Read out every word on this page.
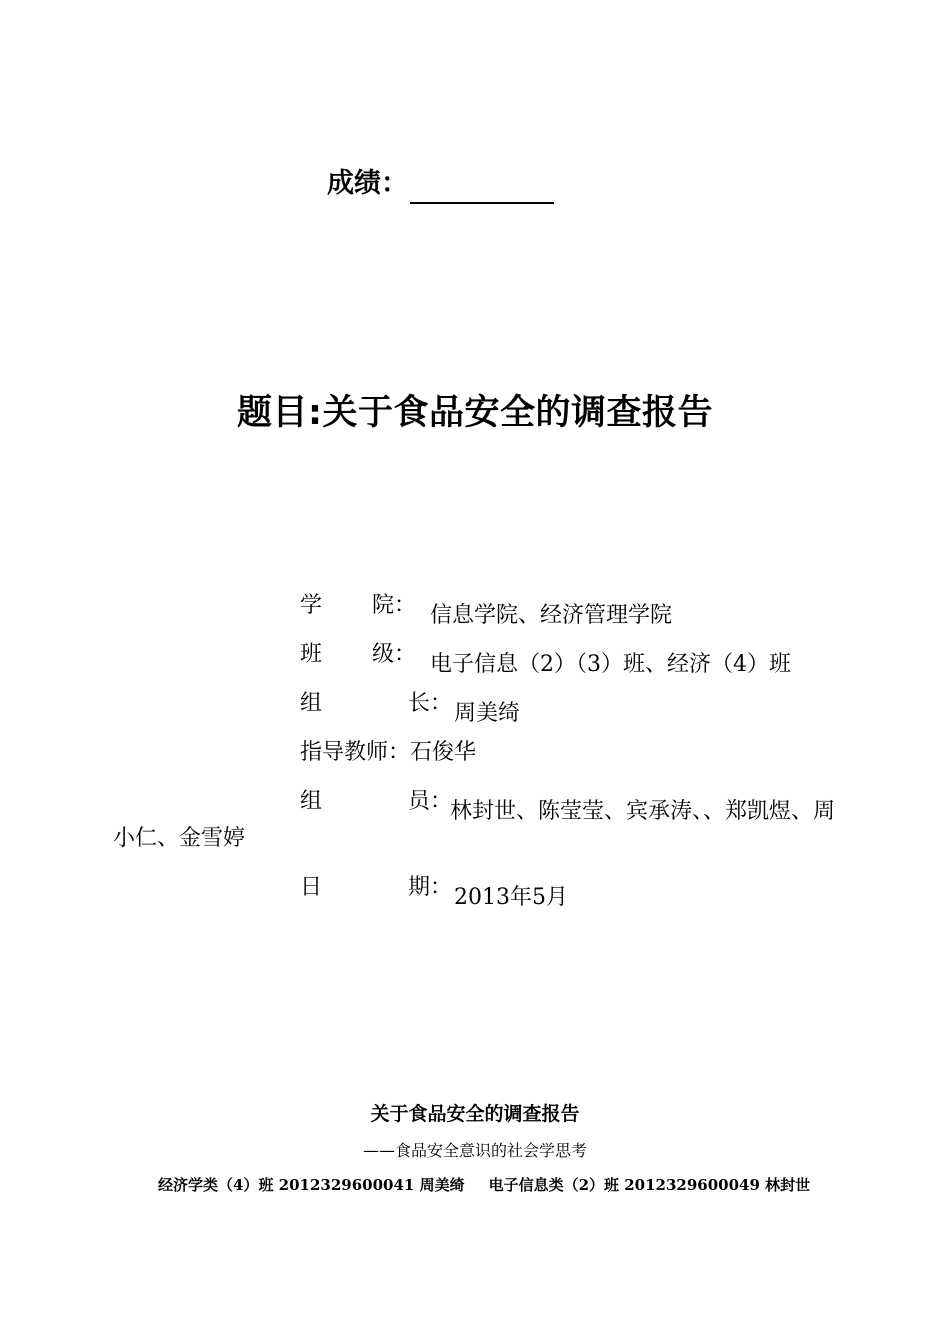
成绩：
题目:关于食品安全的调查报告
学 院： 信息学院、经济管理学院
班 级： 电子信息（2）（3）班、经济（4）班
组	长： 周美绮
指导教师：石俊华
组	员：
林封世、陈莹莹、宾承涛、、郑凯煜、周
小仁、金雪婷
日	期： 2013年5月
关于食品安全的调查报告
——食品安全意识的社会学思考
经济学类（4）班 2012329600041 周美绮 电子信息类（2）班 2012329600049 林封世
